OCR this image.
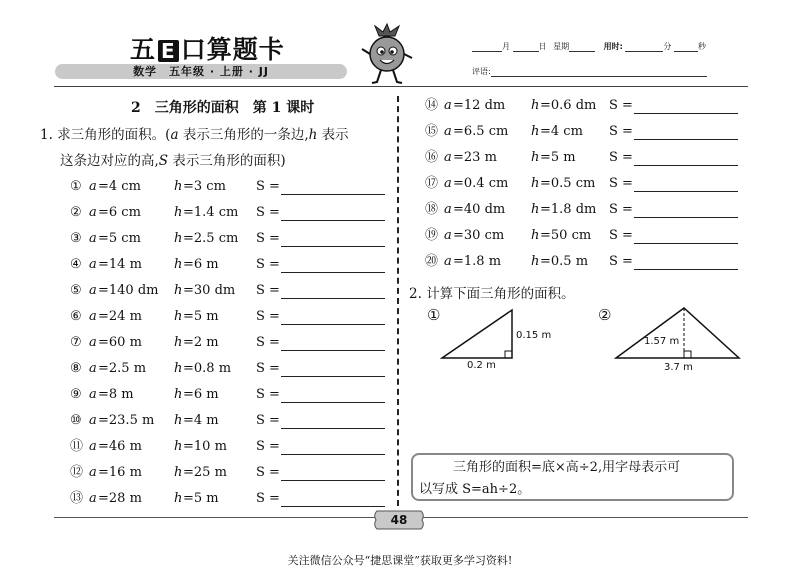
五 E 口算题卡
数学　五年级 · 上册 · JJ
月	日 星期	用时:	分	秒
评语:
2　三角形的面积　第 1 课时
1. 求三角形的面积。(a 表示三角形的一条边,h 表示
这条边对应的高,S 表示三角形的面积)
① a =4 cm	h =3 cm S =
② a =6 cm	h =1.4 cm S =
③ a =5 cm	h =2.5 cm S =
④ a =14 m h =6 m	S =
⑤ a =140 dm h =30 dm S =
⑥ a =24 m h =5 m	S =
⑦ a =60 m h =2 m	S =
⑧ a =2.5 m h =0.8 m S =
⑨ a =8 m	h =6 m	S =
⑩ a =23.5 m h =4 m	S =
⑪ a =46 m h =10 m S =
⑫ a =16 m h =25 m S =
⑬ a =28 m h =5 m	S =
⑭ a =12 dm h =0.6 dm S =
⑮ a =6.5 cm h =4 cm S =
⑯ a =23 m	h =5 m	S =
⑰ a =0.4 cm h =0.5 cm S =
⑱ a =40 dm h =1.8 dm S =
⑲ a =30 cm h =50 cm S =
⑳ a =1.8 m h =0.5 m S =
2. 计算下面三角形的面积。
①
0.15 m
0.2 m
②
1.57 m
3.7 m
三角形的面积=底×高÷2,用字母表示可
以写成 S=ah÷2。
48
关注微信公众号“捷思课堂”获取更多学习资料!
